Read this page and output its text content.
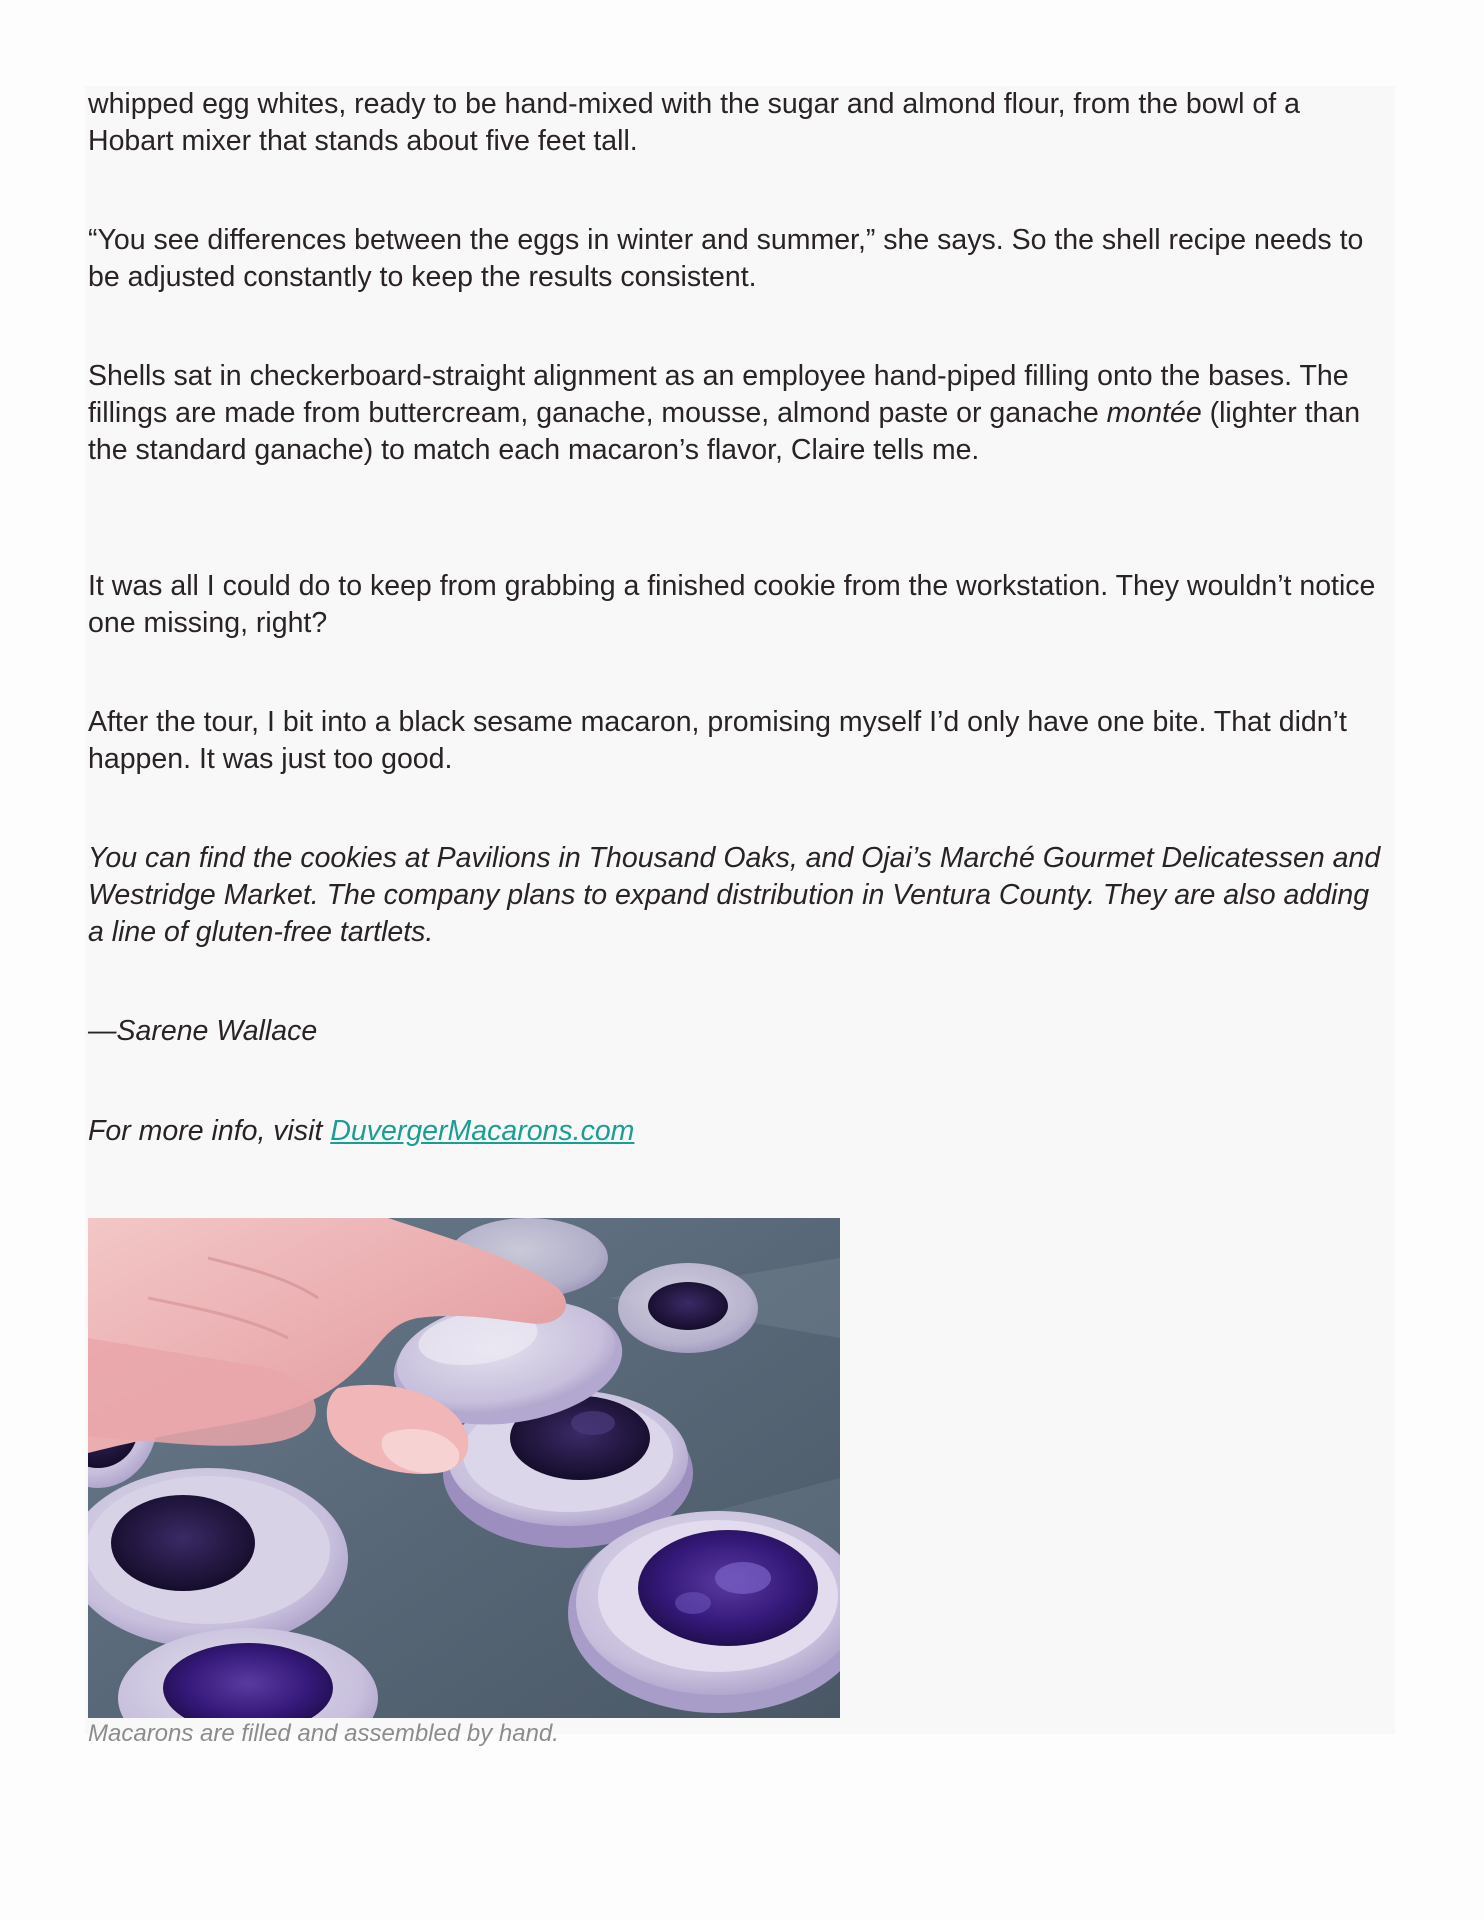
whipped egg whites, ready to be hand-mixed with the sugar and almond flour, from the bowl of a Hobart mixer that stands about five feet tall.

“You see differences between the eggs in winter and summer,” she says. So the shell recipe needs to be adjusted constantly to keep the results consistent.

Shells sat in checkerboard-straight alignment as an employee hand-piped filling onto the bases. The fillings are made from buttercream, ganache, mousse, almond paste or ganache montée (lighter than the standard ganache) to match each macaron’s flavor, Claire tells me.

It was all I could do to keep from grabbing a finished cookie from the workstation. They wouldn’t notice one missing, right?

After the tour, I bit into a black sesame macaron, promising myself I’d only have one bite. That didn’t happen. It was just too good.

You can find the cookies at Pavilions in Thousand Oaks, and Ojai’s Marché Gourmet Delicatessen and Westridge Market. The company plans to expand distribution in Ventura County. They are also adding a line of gluten-free tartlets.

—Sarene Wallace

For more info, visit DuvergerMacarons.com

Macarons are filled and assembled by hand.
